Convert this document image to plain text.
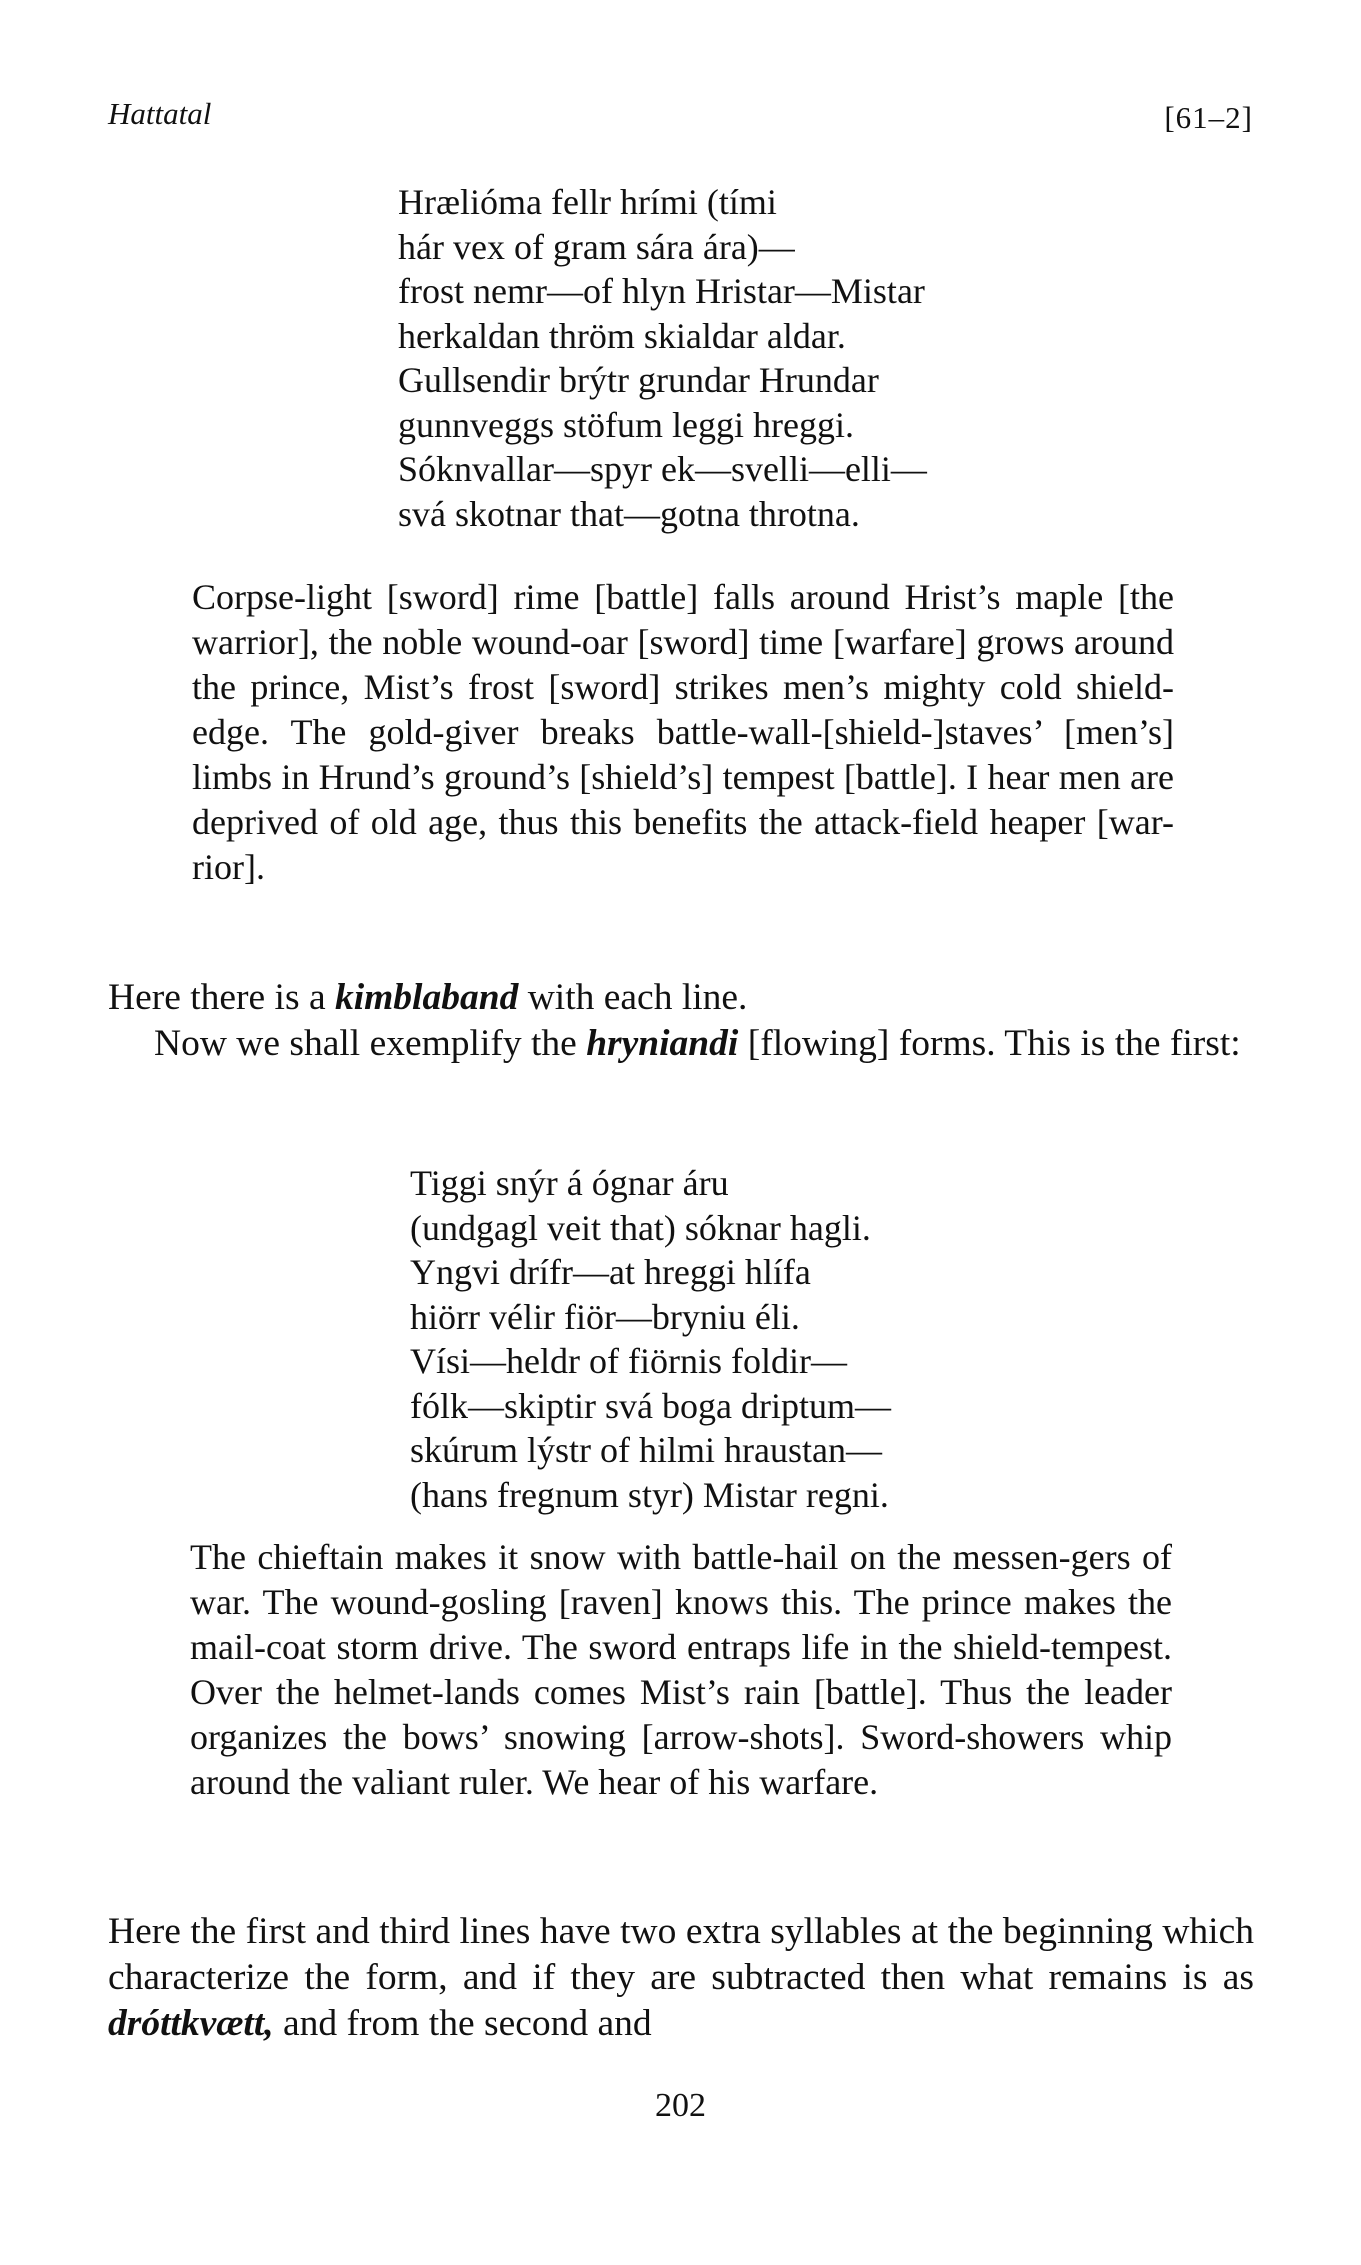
Hattatal	[61–2]
Hrælióma fellr hrími (tími
hár vex of gram sára ára)—
frost nemr—of hlyn Hristar—Mistar
herkaldan thröm skialdar aldar.
Gullsendir brýtr grundar Hrundar
gunnveggs stöfum leggi hreggi.
Sóknvallar—spyr ek—svelli—elli—
svá skotnar that—gotna throtna.
Corpse-light [sword] rime [battle] falls around Hrist’s maple [the warrior], the noble wound-oar [sword] time [warfare] grows around the prince, Mist’s frost [sword] strikes men’s mighty cold shield-edge. The gold-giver breaks battle-wall-[shield-]staves’ [men’s] limbs in Hrund’s ground’s [shield’s] tempest [battle]. I hear men are deprived of old age, thus this benefits the attack-field heaper [war-rior].

Here there is a kimblaband with each line.

Now we shall exemplify the hryniandi [flowing] forms. This is the first:

Tiggi snýr á ógnar áru
(undgagl veit that) sóknar hagli.
Yngvi drífr—at hreggi hlífa
hiörr vélir fiör—bryniu éli.
Vísi—heldr of fiörnis foldir—
fólk—skiptir svá boga driptum—
skúrum lýstr of hilmi hraustan—
(hans fregnum styr) Mistar regni.
The chieftain makes it snow with battle-hail on the messen-gers of war. The wound-gosling [raven] knows this. The prince makes the mail-coat storm drive. The sword entraps life in the shield-tempest. Over the helmet-lands comes Mist’s rain [battle]. Thus the leader organizes the bows’ snowing [arrow-shots]. Sword-showers whip around the valiant ruler. We hear of his warfare.

Here the first and third lines have two extra syllables at the beginning which characterize the form, and if they are subtracted then what remains is as dróttkvætt, and from the second and

202
